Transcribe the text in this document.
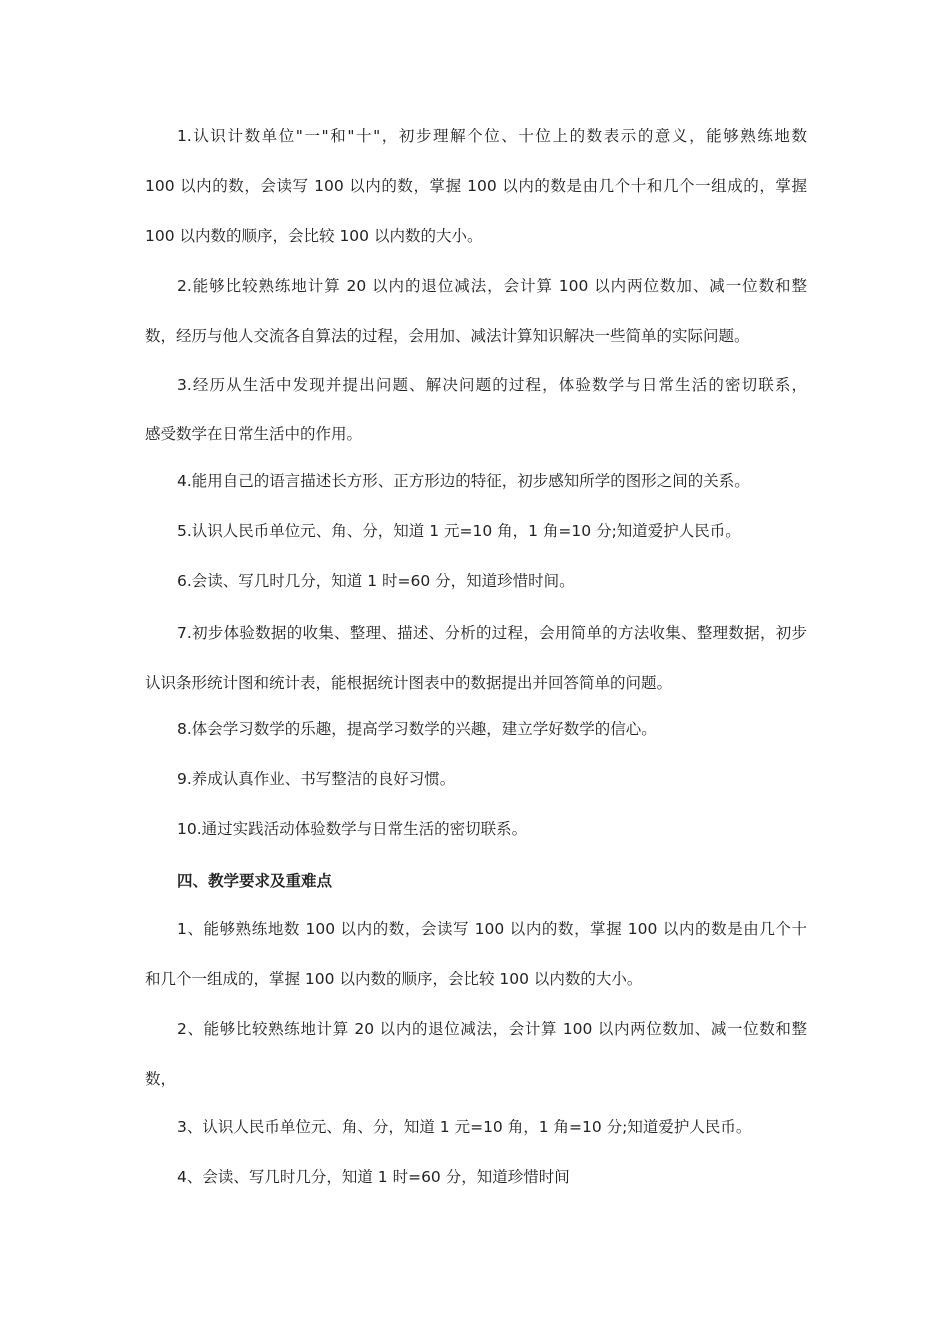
1.认识计数单位"一"和"十"，初步理解个位、十位上的数表示的意义，能够熟练地数
100 以内的数，会读写 100 以内的数，掌握 100 以内的数是由几个十和几个一组成的，掌握
100 以内数的顺序，会比较 100 以内数的大小。
2.能够比较熟练地计算 20 以内的退位减法，会计算 100 以内两位数加、减一位数和整
数，经历与他人交流各自算法的过程，会用加、减法计算知识解决一些简单的实际问题。
3.经历从生活中发现并提出问题、解决问题的过程，体验数学与日常生活的密切联系，
感受数学在日常生活中的作用。
4.能用自己的语言描述长方形、正方形边的特征，初步感知所学的图形之间的关系。
5.认识人民币单位元、角、分，知道 1 元=10 角，1 角=10 分;知道爱护人民币。
6.会读、写几时几分，知道 1 时=60 分，知道珍惜时间。
7.初步体验数据的收集、整理、描述、分析的过程，会用简单的方法收集、整理数据，初步
认识条形统计图和统计表，能根据统计图表中的数据提出并回答简单的问题。
8.体会学习数学的乐趣，提高学习数学的兴趣，建立学好数学的信心。
9.养成认真作业、书写整洁的良好习惯。
10.通过实践活动体验数学与日常生活的密切联系。
四、教学要求及重难点
1、能够熟练地数 100 以内的数，会读写 100 以内的数，掌握 100 以内的数是由几个十
和几个一组成的，掌握 100 以内数的顺序，会比较 100 以内数的大小。
2、能够比较熟练地计算 20 以内的退位减法，会计算 100 以内两位数加、减一位数和整
数，
3、认识人民币单位元、角、分，知道 1 元=10 角，1 角=10 分;知道爱护人民币。
4、会读、写几时几分，知道 1 时=60 分，知道珍惜时间
